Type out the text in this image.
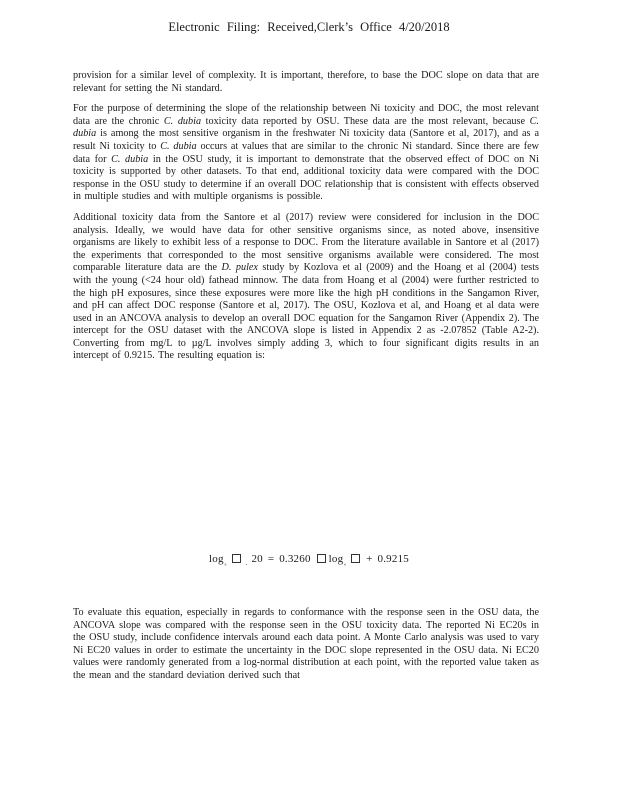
Electronic Filing: Received,Clerk’s Office 4/20/2018

provision for a similar level of complexity. It is important, therefore, to base the DOC slope on data that are relevant for setting the Ni standard.

For the purpose of determining the slope of the relationship between Ni toxicity and DOC, the most relevant data are the chronic C. dubia toxicity data reported by OSU. These data are the most relevant, because C. dubia is among the most sensitive organism in the freshwater Ni toxicity data (Santore et al, 2017), and as a result Ni toxicity to C. dubia occurs at values that are similar to the chronic Ni standard. Since there are few data for C. dubia in the OSU study, it is important to demonstrate that the observed effect of DOC on Ni toxicity is supported by other datasets. To that end, additional toxicity data were compared with the DOC response in the OSU study to determine if an overall DOC relationship that is consistent with effects observed in multiple studies and with multiple organisms is possible.

Additional toxicity data from the Santore et al (2017) review were considered for inclusion in the DOC analysis. Ideally, we would have data for other sensitive organisms since, as noted above, insensitive organisms are likely to exhibit less of a response to DOC. From the literature available in Santore et al (2017) the experiments that corresponded to the most sensitive organisms available were considered. The most comparable literature data are the D. pulex study by Kozlova et al (2009) and the Hoang et al (2004) tests with the young (<24 hour old) fathead minnow. The data from Hoang et al (2004) were further restricted to the high pH exposures, since these exposures were more like the high pH conditions in the Sangamon River, and pH can affect DOC response (Santore et al, 2017). The OSU, Kozlova et al, and Hoang et al data were used in an ANCOVA analysis to develop an overall DOC equation for the Sangamon River (Appendix 2). The intercept for the OSU dataset with the ANCOVA slope is listed in Appendix 2 as -2.07852 (Table A2-2). Converting from mg/L to µg/L involves simply adding 3, which to four significant digits results in an intercept of 0.9215. The resulting equation is:

$\log_{_e}$	$_.$ 20 = 0.3260 $\log_{_e} + 0.9215$

To evaluate this equation, especially in regards to conformance with the response seen in the OSU data, the ANCOVA slope was compared with the response seen in the OSU toxicity data. The reported Ni EC20s in the OSU study, include confidence intervals around each data point. A Monte Carlo analysis was used to vary Ni EC20 values in order to estimate the uncertainty in the DOC slope represented in the OSU data. Ni EC20 values were randomly generated from a log-normal distribution at each point, with the reported value taken as the mean and the standard deviation derived such that
